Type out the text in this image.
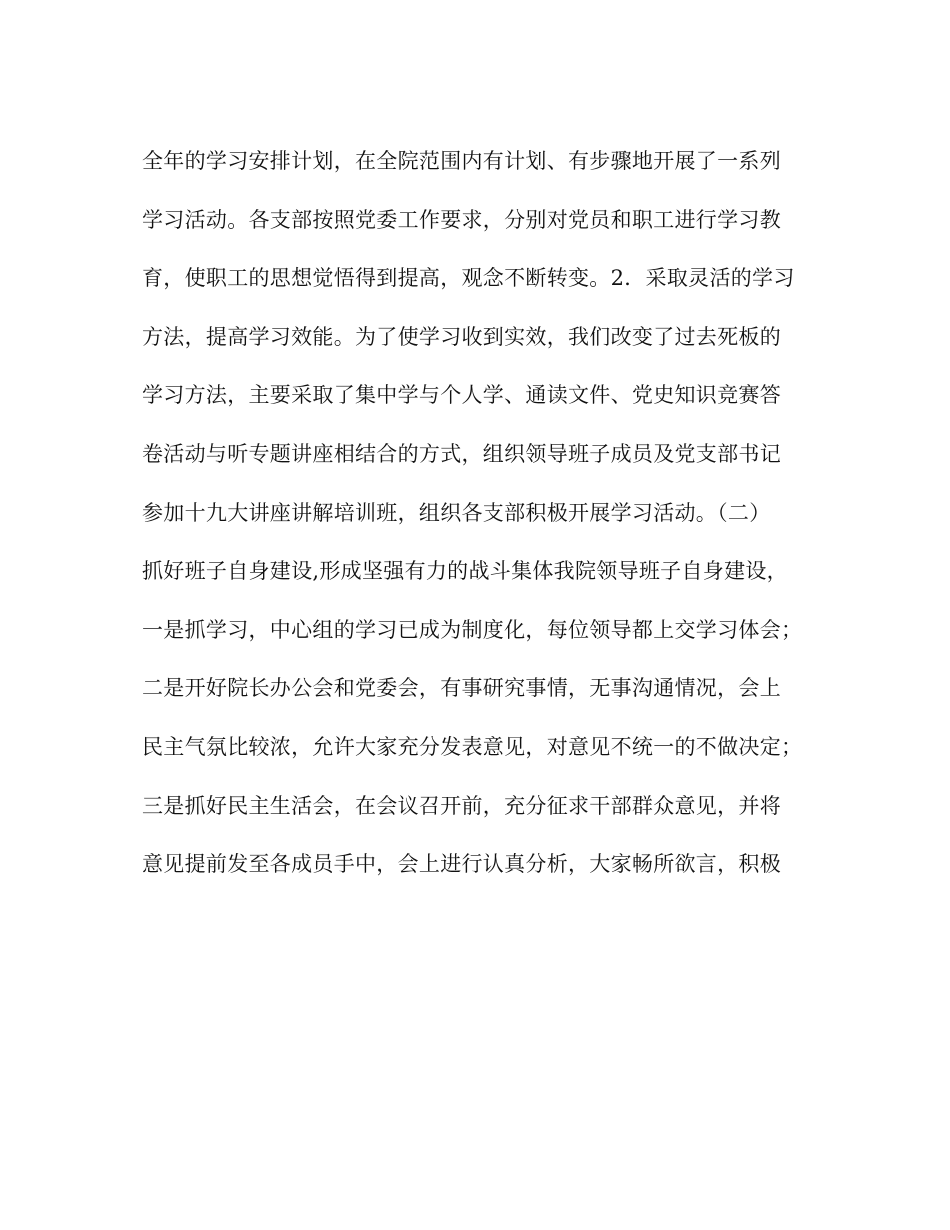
全年的学习安排计划，在全院范围内有计划、有步骤地开展了一系列
学习活动。各支部按照党委工作要求，分别对党员和职工进行学习教
育，使职工的思想觉悟得到提高，观念不断转变。2．采取灵活的学习
方法，提高学习效能。为了使学习收到实效，我们改变了过去死板的
学习方法，主要采取了集中学与个人学、通读文件、党史知识竞赛答
卷活动与听专题讲座相结合的方式，组织领导班子成员及党支部书记
参加十九大讲座讲解培训班，组织各支部积极开展学习活动。（二）
抓好班子自身建设,形成坚强有力的战斗集体我院领导班子自身建设，
一是抓学习，中心组的学习已成为制度化，每位领导都上交学习体会；
二是开好院长办公会和党委会，有事研究事情，无事沟通情况，会上
民主气氛比较浓，允许大家充分发表意见，对意见不统一的不做决定；
三是抓好民主生活会，在会议召开前，充分征求干部群众意见，并将
意见提前发至各成员手中，会上进行认真分析，大家畅所欲言，积极
